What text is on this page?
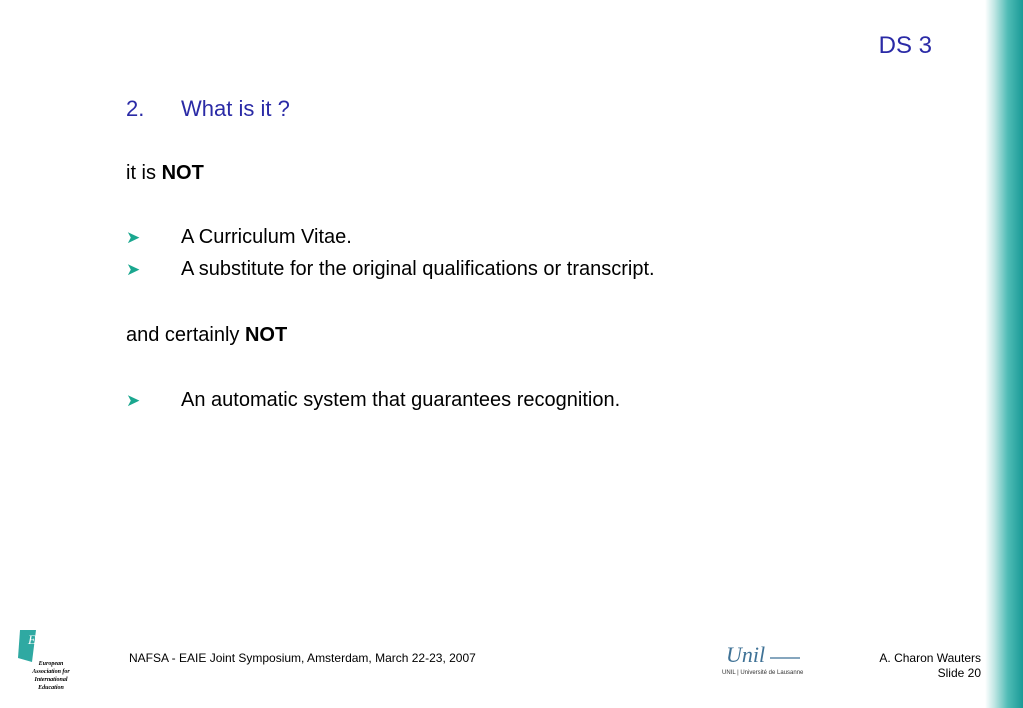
DS 3
2. What is it ?
it is NOT
➤ A Curriculum Vitae.
➤ A substitute for the original qualifications or transcript.
and certainly NOT
➤ An automatic system that guarantees recognition.
EaIE
European Association for International Education
NAFSA - EAIE Joint Symposium, Amsterdam, March 22-23, 2007	Unil
UNIL | Université de Lausanne
A. Charon Wauters
Slide 20
